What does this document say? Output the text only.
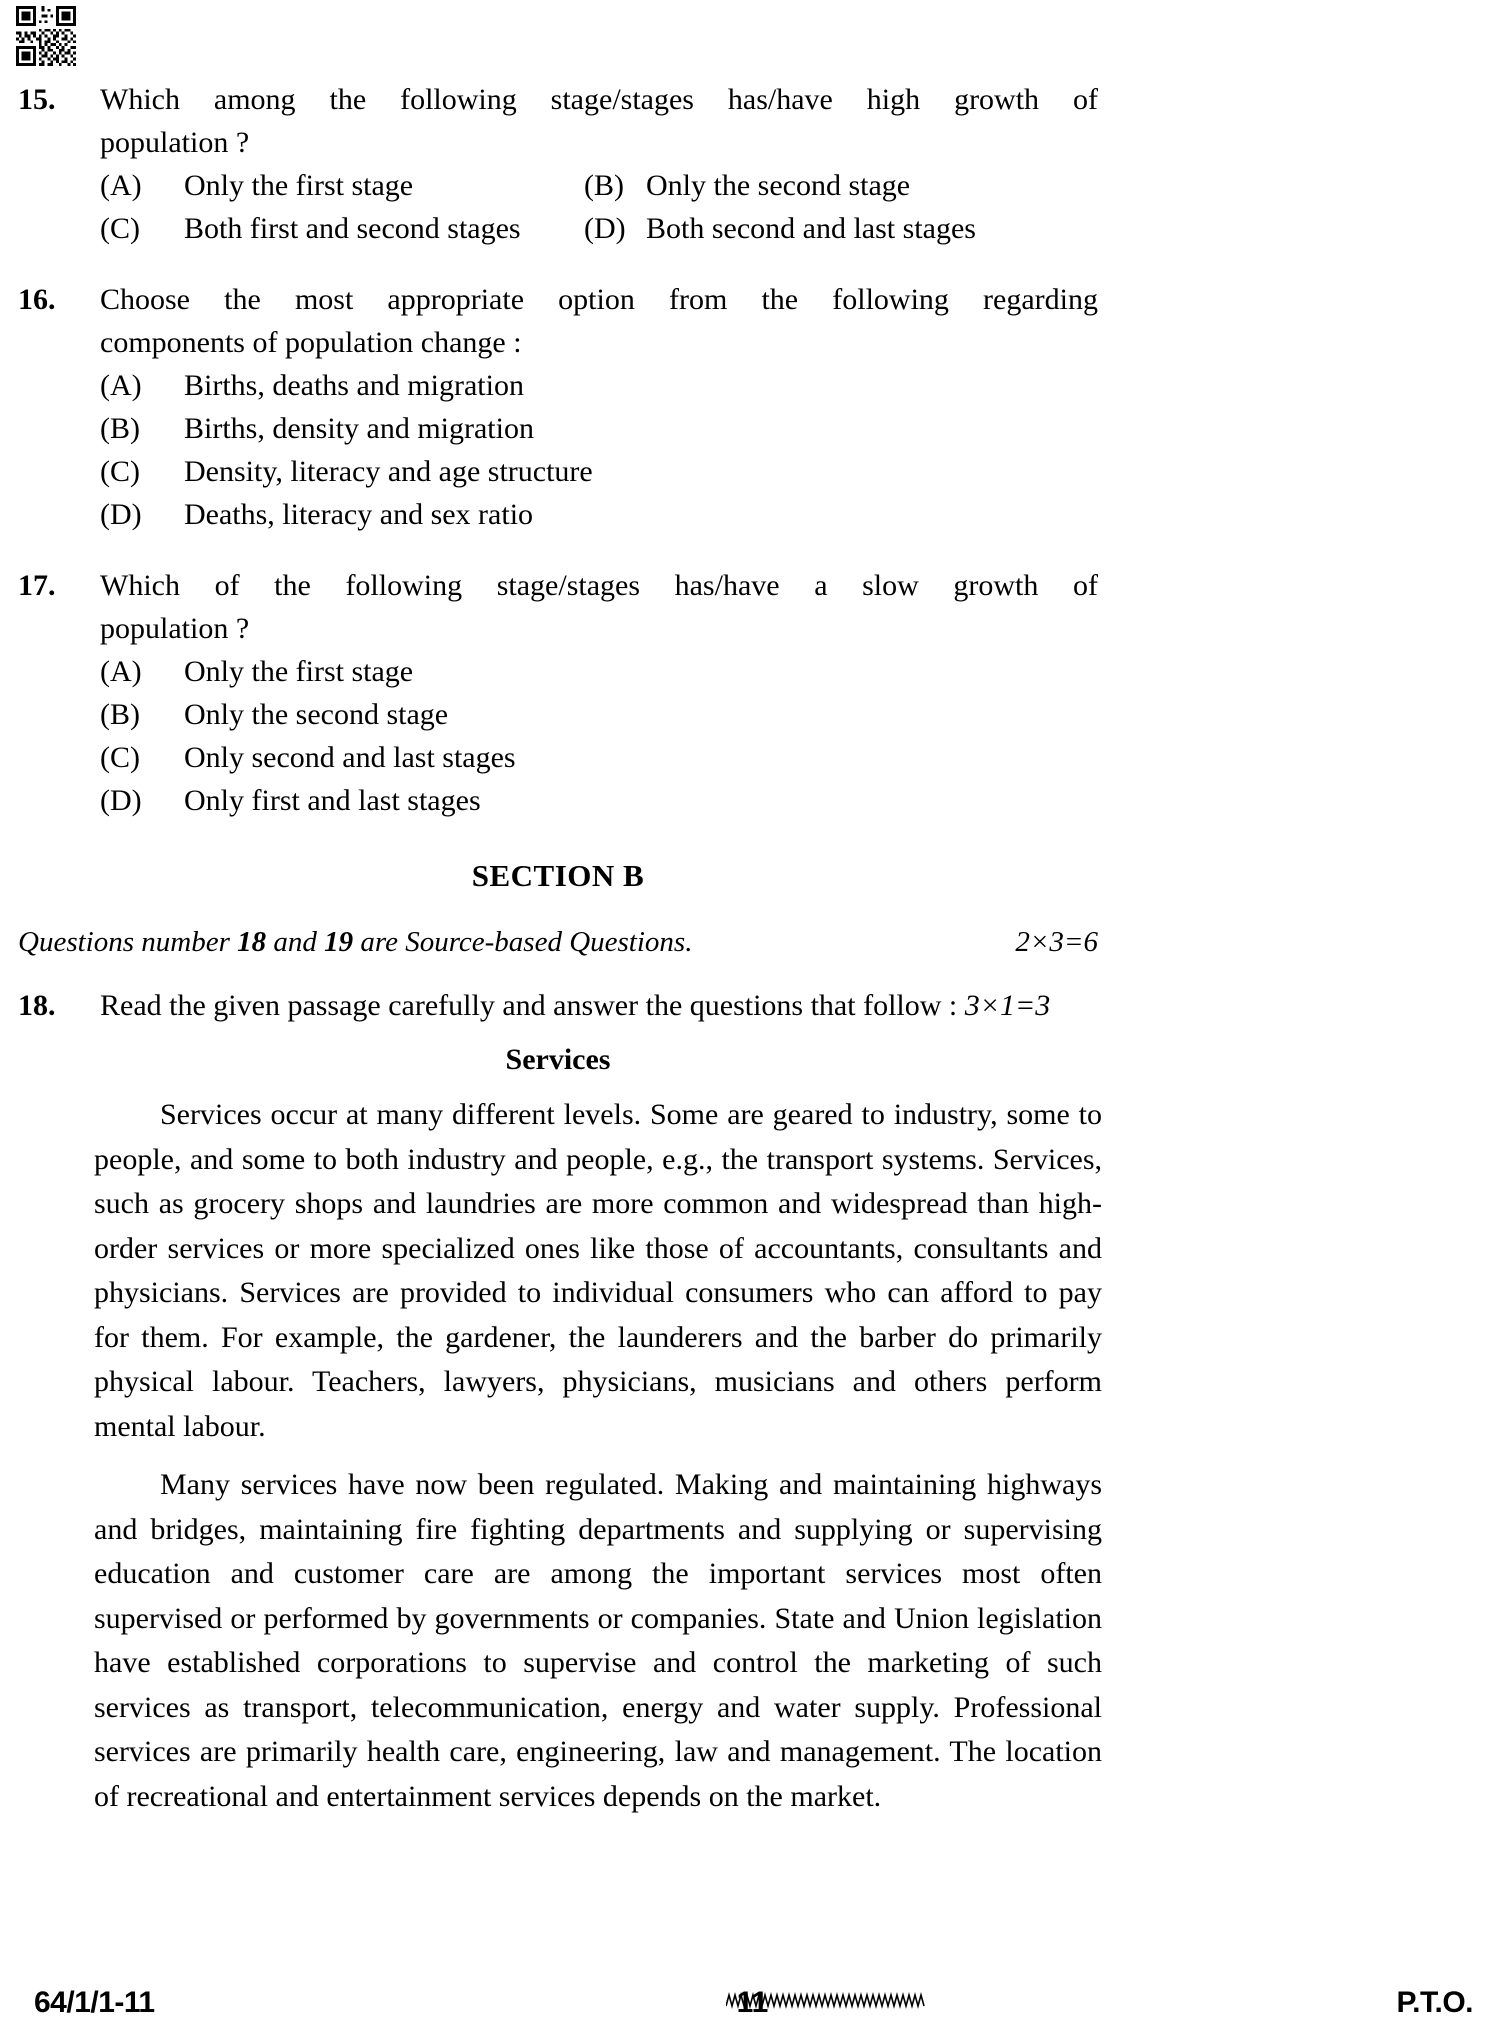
15.	Which among the following stage/stages has/have high growth of
population ?

(A)	Only the first stage	(B) Only the second stage
(C)	Both first and second stages (D) Both second and last stages
16.	Choose the most appropriate option from the following regarding
components of population change :

(A)	Births, deaths and migration
(B)	Births, density and migration
(C)	Density, literacy and age structure
(D)	Deaths, literacy and sex ratio
17.	Which of the following stage/stages has/have a slow growth of
population ?

(A)	Only the first stage
(B)	Only the second stage
(C)	Only second and last stages
(D)	Only first and last stages
SECTION B
Questions number 18 and 19 are Source-based Questions.	2×3=6
18.	Read the given passage carefully and answer the questions that follow : 3×1=3
Services

Services occur at many different levels. Some are geared to industry, some to people, and some to both industry and people, e.g., the transport systems. Services, such as grocery shops and laundries are more common and widespread than high-order services or more specialized ones like those of accountants, consultants and physicians. Services are provided to individual consumers who can afford to pay for them. For example, the gardener, the launderers and the barber do primarily physical labour. Teachers, lawyers, physicians, musicians and others perform mental labour.

Many services have now been regulated. Making and maintaining highways and bridges, maintaining fire fighting departments and supplying or supervising education and customer care are among the important services most often supervised or performed by governments or companies. State and Union legislation have established corporations to supervise and control the marketing of such services as transport, telecommunication, energy and water supply. Professional services are primarily health care, engineering, law and management. The location of recreational and entertainment services depends on the market.

64/1/1-11	11	P.T.O.
